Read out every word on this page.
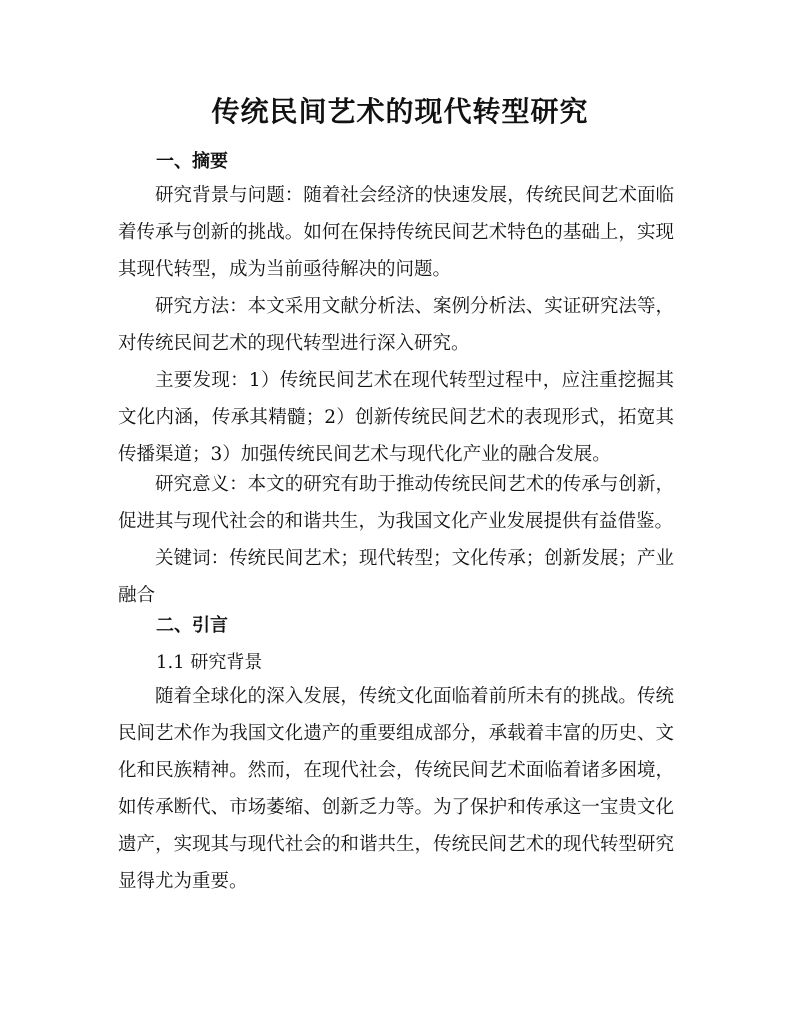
传统民间艺术的现代转型研究
一、摘要
研究背景与问题：随着社会经济的快速发展，传统民间艺术面临着传承与创新的挑战。如何在保持传统民间艺术特色的基础上，实现其现代转型，成为当前亟待解决的问题。
研究方法：本文采用文献分析法、案例分析法、实证研究法等，对传统民间艺术的现代转型进行深入研究。
主要发现：1）传统民间艺术在现代转型过程中，应注重挖掘其文化内涵，传承其精髓；2）创新传统民间艺术的表现形式，拓宽其传播渠道；3）加强传统民间艺术与现代化产业的融合发展。
研究意义：本文的研究有助于推动传统民间艺术的传承与创新，促进其与现代社会的和谐共生，为我国文化产业发展提供有益借鉴。
关键词：传统民间艺术；现代转型；文化传承；创新发展；产业融合
二、引言
1.1 研究背景
随着全球化的深入发展，传统文化面临着前所未有的挑战。传统民间艺术作为我国文化遗产的重要组成部分，承载着丰富的历史、文化和民族精神。然而，在现代社会，传统民间艺术面临着诸多困境，如传承断代、市场萎缩、创新乏力等。为了保护和传承这一宝贵文化遗产，实现其与现代社会的和谐共生，传统民间艺术的现代转型研究显得尤为重要。
